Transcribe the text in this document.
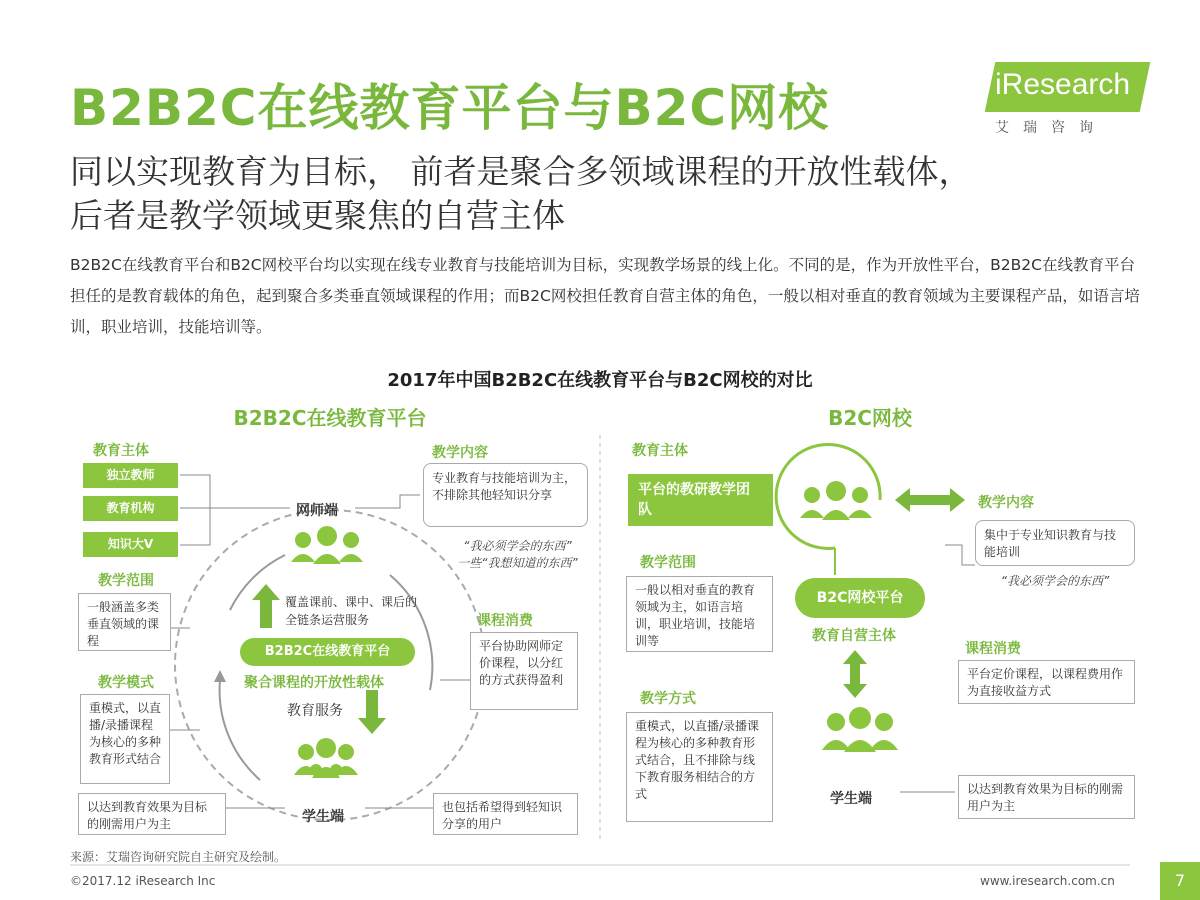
B2B2C在线教育平台与B2C网校
同以实现教育为目标， 前者是聚合多领域课程的开放性载体，
后者是教学领域更聚焦的自营主体
B2B2C在线教育平台和B2C网校平台均以实现在线专业教育与技能培训为目标，实现教学场景的线上化。不同的是，作为开放性平台，B2B2C在线教育平台担任的是教育载体的角色，起到聚合多类垂直领域课程的作用；而B2C网校担任教育自营主体的角色，一般以相对垂直的教育领域为主要课程产品，如语言培训，职业培训，技能培训等。
iResearch
艾瑞咨询
2017年中国B2B2C在线教育平台与B2C网校的对比
B2B2C在线教育平台	B2C网校
教育主体
独立教师
教育机构
知识大V
网师端
教学内容
专业教育与技能培训为主，不排除其他轻知识分享
“我必须学会的东西”
一些“我想知道的东西”
教学范围
一般涵盖多类垂直领域的课程
覆盖课前、课中、课后的全链条运营服务
B2B2C在线教育平台
聚合课程的开放性载体
教育服务
课程消费
平台协助网师定价课程，以分红的方式获得盈利
教学模式
重模式，以直播/录播课程为核心的多种教育形式结合
学生端
以达到教育效果为目标的刚需用户为主
也包括希望得到轻知识分享的用户
教育主体
平台的教研教学团队
教学范围
一般以相对垂直的教育领域为主，如语言培训，职业培训，技能培训等
教学方式
重模式，以直播/录播课程为核心的多种教育形式结合，且不排除与线下教育服务相结合的方式
教学内容
集中于专业知识教育与技能培训
“我必须学会的东西”
B2C网校平台
教育自营主体
课程消费
平台定价课程，以课程费用作为直接收益方式
学生端
以达到教育效果为目标的刚需用户为主
来源：艾瑞咨询研究院自主研究及绘制。
©2017.12 iResearch Inc	www.iresearch.com.cn	7
